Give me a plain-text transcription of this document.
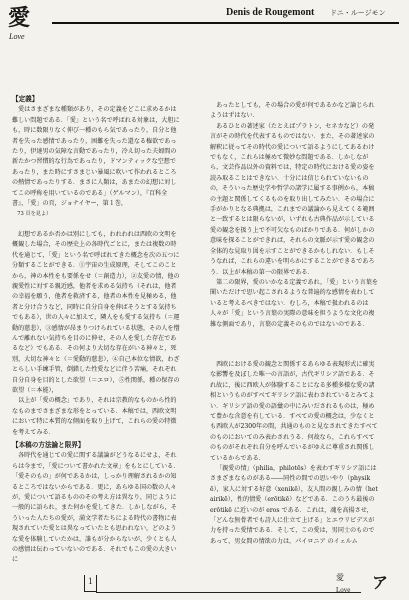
愛
Love
Denis de Rougemont ドニ・ルージモン
【定義】

愛はさまざまな種類があり，その定義をどこに求めるかは難しい問題である．「愛」という名で呼ばれる対象は，大胆にも，時に数限りなく伸び一種のもら気であったり，自分と他者を失った感情であったり，困難を失った還なる権欲であったり，伊達男の気障な言動であったり，冷え切った夫婦間の新たかつ習慣的な行為であったり，ドマンティックな空想であったり，また時にすさまじい暴風に吹いて作われるところの熱情であったりする．まさに人類は，あまたの幻想に対してこの呼称を用いているのである」（ゲルマン），『百科全書』，「愛」の頁，ジョナイヤー，第１巻，

73 頁を見よ）

幻想であるか否かは別にしても，われわれは西欧の文明を概観した場合，その歴史上の各時代ごとに，または複数の時代を通じて，「愛」という名で呼ばれてきた概念を次の五つに分類することができる．①宇宙の生成原理，そしてこのことから，神の本性をも要係をせ（＝創造力），②友愛の情，他の親愛性に対する親近感，他者を求める気持ち（それは，他者の幸福を願う，他者を救済する，他者の本性を見極める，他者と分け合うなど，同時に自分自身を伸ばそうとする気持ちでもある），世の人々に加えて，隣人をも愛する気持ち（＝運動的慈悲），③感情が昂まりつけられている状態，その人を憎んで離れない気持ちを目のに伸せ，その人を愛した存在であるなど）でもある．その何より大切な存在がいる神々と，死別，大切な神々と（＝愛動的慈悲），④自己本位な情欲，わざとらしい手練手管，倒錯した性愛などに伴う苦痛，それぞれ自分自身を目的とした欲望（＝エロ），⑤性関係，種の保存の欲望（＝本能），

以上が「愛の概念」であり，それは宗教的なものから性的なものまでさまざまな形をとっている．本稿では，西欧文明において特に本質的な側面を取り上げて，これらの愛の特徴を考えてみる．

【本稿の方法論と限界】

各時代を通じての愛に関する議論がどうなるにせよ，それらは今まで，「愛について書かれた文章」をもとにしている．「愛そのもの」が何であるかは，しっかり理解されるかの知るところではないからである．更に，あらゆる国の数の人々が，愛について語るもののその考え方は異なり，同じように一般的に語られ，また何かを愛してきた．しかしながら，そういった人たちの愛が，満文学者たちによる時代の書物に表現されていた愛とは異なっていたとも思われない，どのような愛を体験していたかは，誰もが分からないが，少くとも人の感情は伝わっていないのである．それでもこの愛の大きいに

あったとしても，その場合の愛が何であるかなど論じられようはずはない．

あるひとの著述家（たとえばプラトン，セネカなど）の発言がその時代を代表するものではない．また，その著述家の解釈に従ってその時代の愛について語るようにしてあるわけでもなく，これらは極めて微妙な問題である．しかしながら，文芸作品以外の資料では，特定の時代における愛の姿を読み取ることはできない．十分には信じられていないものの，そういった歴史学や哲学の諸学に属する事例から，本稿の主題と関係してくるものを取り出してみたい．その場合に手がかりとなる典拠は，これまでの議論から見えてくる範囲と一致するとは限らないが，いずれも古典作品が示している愛の観念を扱う上で不可欠なものばかりである．何がしかの意味を探ることができれば，それらの文脈が示す愛の観念の全体的な見取り図を示すことができるかもしれない．もしそうなれば，これらの違いを明らかにすることができるであろう．以上が本稿の第一の限界である．

第二の限界，愛のいかなる定義であれ，「愛」という言葉を聞いただけで思い起こされるような普遍的な感情を表わしていると考えるべきではない．むしろ，本稿で扱われるのは人々が「愛」という言葉の実際の意味を担うような文化の複雑な側面であり，言葉の定義そのものではないのである．

西欧における愛の観念と関係するあらゆる表現形式に確実な影響を及ぼした唯一の言語が，古代ギリシア語である．それ故に，後に西欧人が体験することになる多種多様な愛の諸相というものがすべてギリシア語に表わされているとみてよい．ギリシア語の愛の語彙の中にみいだされるものは，極めて豊かな含意を有している．すべての愛の概念は，少なくとも西欧人が2300年の間，共通のものと見なされてきたすべてのものにおいてのみ表わされうる．何故なら，これらすべてのものがそれぞれ自分を呼んでいるがゆえに尊重され関係しているからである．

「親愛の情」（philia，philotēs）を表わすギリシア語には さまざまなものがある――同性の間での思いやり（physikē），家人に対する好意（xenikē），友人間の親しみの情（hetairikē），性的情愛（erōtikē）などである．このうち最後の erōtikē に近いのが eros である．これは，魂を高揚させ，「どんな無骨者でも詩人に仕立て上げる」とエウリピデスが力を持った愛情である．そして，この愛は，男同士のものであって，男女間の情欲の力は，パイロニア のイェルム

1	愛
Love ア
